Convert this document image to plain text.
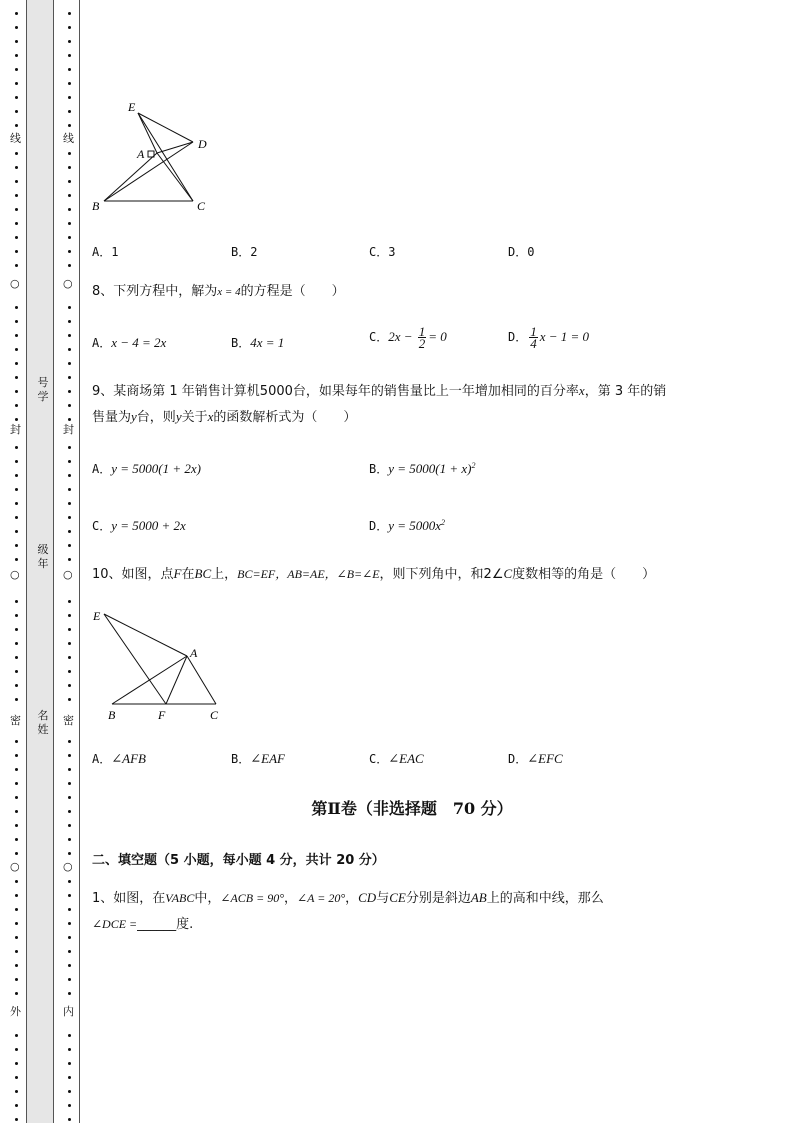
线
○
封
○
密
○
外
线
○
封
○
密
○
内
号学
级年
名姓
E
A
D
B	C
A．1	B．2	C．3	D．0
8、下列方程中，解为x = 4的方程是（　　）
A．x − 4 = 2x	B．4x = 1	C．$2x - \frac{1}{2} = 0$	D． $\frac{1}{4}$ x − 1 = 0
9、某商场第 1 年销售计算机5000台，如果每年的销售量比上一年增加相同的百分率x，第 3 年的销
售量为y台，则y关于x的函数解析式为（　　）
A．y = 5000(1 + 2x)	B．$y = 5000(1 + x)^2$
C．y = 5000 + 2x	D．$y = 5000x^2$
10、如图，点F在BC上，BC=EF，AB=AE，∠B=∠E，则下列角中，和2∠C度数相等的角是（　　）
E
A
B	F	C
A．∠AFB	B．∠EAF	C．∠EAC	D．∠EFC
第Ⅱ卷（非选择题　70 分）
二、填空题（5 小题，每小题 4 分，共计 20 分）
1、如图，在VABC中，∠ACB = 90°，∠A = 20°，CD与CE分别是斜边AB上的高和中线，那么
∠DCE =______度.
